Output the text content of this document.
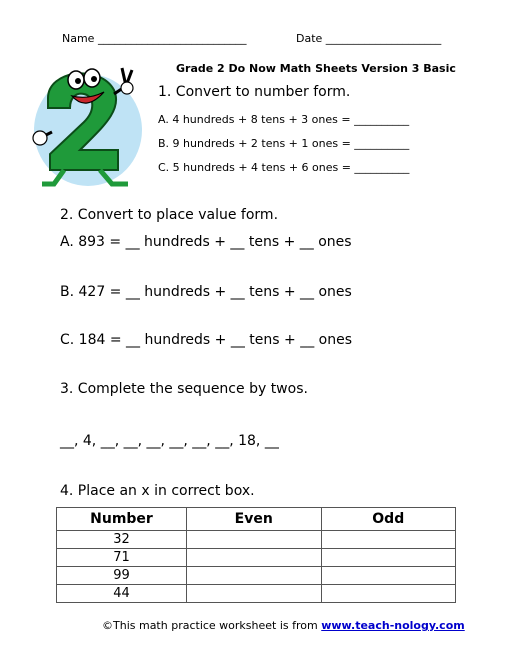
Name ___________________________	Date _____________________
Grade 2 Do Now Math Sheets Version 3 Basic
1. Convert to number form.
A. 4 hundreds + 8 tens + 3 ones = __________
B. 9 hundreds + 2 tens + 1 ones = __________
C. 5 hundreds + 4 tens + 6 ones = __________
2. Convert to place value form.
A. 893 = __ hundreds + __ tens + __ ones
B. 427 = __ hundreds + __ tens + __ ones
C. 184 = __ hundreds + __ tens + __ ones
3. Complete the sequence by twos.
__, 4, __, __, __, __, __, __, 18, __
4. Place an x in correct box.
Number	Even	Odd
32		
71		
99		
44		
©This math practice worksheet is from www.teach-nology.com
